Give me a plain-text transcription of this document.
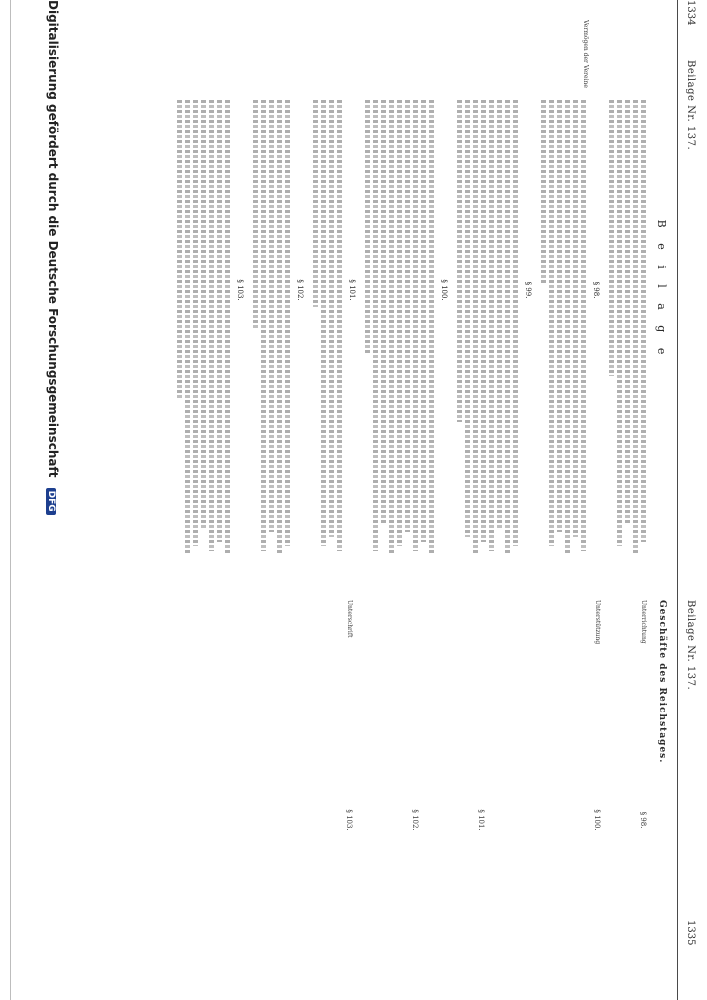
1334
Beilage Nr. 137.
Beilage Nr. 137.
1335
B e i l a g e
§ 98.
Vermögen der Vereine
§ 99.
§ 100.
§ 101.
§ 102.
§ 103.
Geschäfte des Reichstages.
Unterrichtung
§ 98.
Unterstützung
§ 100.
§ 101.
§ 102.
Unterschrift
§ 103.
Digitalisierung gefördert durch die Deutsche Forschungsgemeinschaft DFG
